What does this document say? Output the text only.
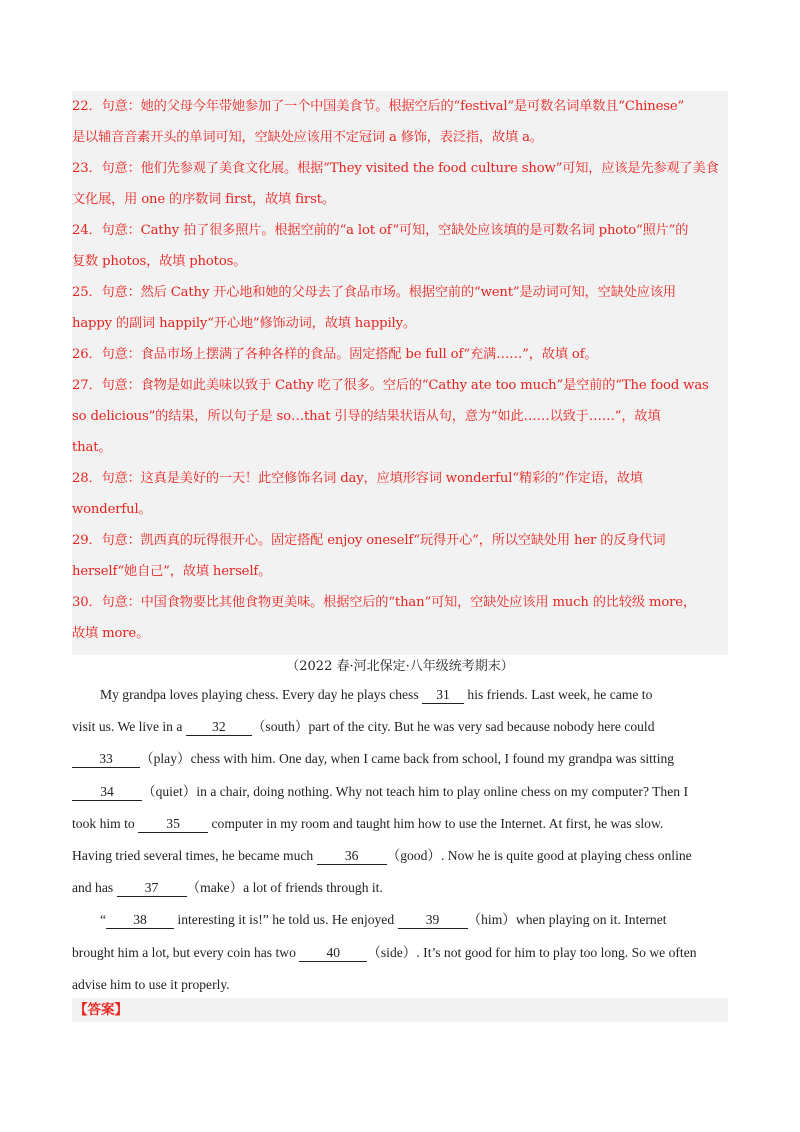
22．句意：她的父母今年带她参加了一个中国美食节。根据空后的“festival”是可数名词单数且“Chinese”
是以辅音音素开头的单词可知，空缺处应该用不定冠词 a 修饰，表泛指，故填 a。
23．句意：他们先参观了美食文化展。根据“They visited the food culture show”可知，应该是先参观了美食
文化展，用 one 的序数词 first，故填 first。
24．句意：Cathy 拍了很多照片。根据空前的“a lot of”可知，空缺处应该填的是可数名词 photo“照片”的
复数 photos，故填 photos。
25．句意：然后 Cathy 开心地和她的父母去了食品市场。根据空前的“went”是动词可知，空缺处应该用
happy 的副词 happily“开心地”修饰动词，故填 happily。
26．句意：食品市场上摆满了各种各样的食品。固定搭配 be full of“充满……”，故填 of。
27．句意：食物是如此美味以致于 Cathy 吃了很多。空后的“Cathy ate too much”是空前的“The food was
so delicious”的结果，所以句子是 so…that 引导的结果状语从句，意为“如此……以致于……”，故填
that。
28．句意：这真是美好的一天！此空修饰名词 day，应填形容词 wonderful“精彩的”作定语，故填
wonderful。
29．句意：凯西真的玩得很开心。固定搭配 enjoy oneself“玩得开心”，所以空缺处用 her 的反身代词
herself“她自己”，故填 herself。
30．句意：中国食物要比其他食物更美味。根据空后的“than”可知，空缺处应该用 much 的比较级 more，
故填 more。
（2022 春·河北保定·八年级统考期末）
My grandpa loves playing chess. Every day he plays chess 31 his friends. Last week, he came to
visit us. We live in a 32 （south）part of the city. But he was very sad because nobody here could
33 （play）chess with him. One day, when I came back from school, I found my grandpa was sitting
34 （quiet）in a chair, doing nothing. Why not teach him to play online chess on my computer? Then I
took him to 35 computer in my room and taught him how to use the Internet. At first, he was slow.
Having tried several times, he became much 36 （good）. Now he is quite good at playing chess online
and has 37 （make）a lot of friends through it.
“ 38 interesting it is!” he told us. He enjoyed 39 （him）when playing on it. Internet
brought him a lot, but every coin has two 40 （side）. It’s not good for him to play too long. So we often
advise him to use it properly.
【答案】
